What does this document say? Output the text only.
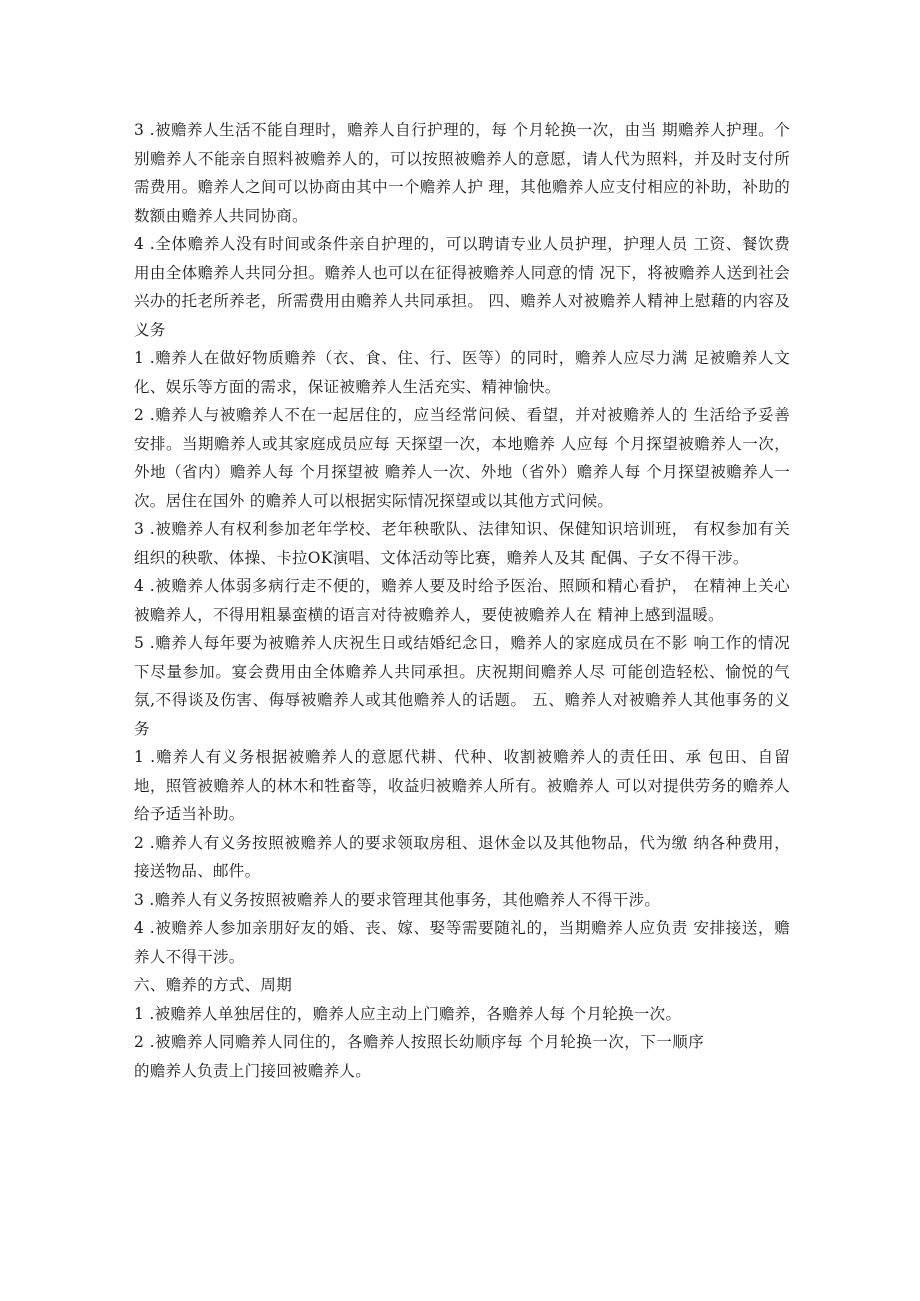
3 .被赡养人生活不能自理时，赡养人自行护理的，每 个月轮换一次，由当 期赡养人护理。个别赡养人不能亲自照料被赡养人的，可以按照被赡养人的意愿，请人代为照料，并及时支付所需费用。赡养人之间可以协商由其中一个赡养人护 理，其他赡养人应支付相应的补助，补助的数额由赡养人共同协商。

4 .全体赡养人没有时间或条件亲自护理的，可以聘请专业人员护理，护理人员 工资、餐饮费用由全体赡养人共同分担。赡养人也可以在征得被赡养人同意的情 况下，将被赡养人送到社会兴办的托老所养老，所需费用由赡养人共同承担。 四、赡养人对被赡养人精神上慰藉的内容及义务

1 .赡养人在做好物质赡养（衣、食、住、行、医等）的同时，赡养人应尽力满 足被赡养人文化、娱乐等方面的需求，保证被赡养人生活充实、精神愉快。

2 .赡养人与被赡养人不在一起居住的，应当经常问候、看望，并对被赡养人的 生活给予妥善安排。当期赡养人或其家庭成员应每 天探望一次，本地赡养 人应每 个月探望被赡养人一次，外地（省内）赡养人每 个月探望被 赡养人一次、外地（省外）赡养人每 个月探望被赡养人一次。居住在国外 的赡养人可以根据实际情况探望或以其他方式问候。

3 .被赡养人有权利参加老年学校、老年秧歌队、法律知识、保健知识培训班， 有权参加有关组织的秧歌、体操、卡拉OK演唱、文体活动等比赛，赡养人及其 配偶、子女不得干涉。

4 .被赡养人体弱多病行走不便的，赡养人要及时给予医治、照顾和精心看护， 在精神上关心被赡养人，不得用粗暴蛮横的语言对待被赡养人，要使被赡养人在 精神上感到温暖。

5 .赡养人每年要为被赡养人庆祝生日或结婚纪念日，赡养人的家庭成员在不影 响工作的情况下尽量参加。宴会费用由全体赡养人共同承担。庆祝期间赡养人尽 可能创造轻松、愉悦的气氛,不得谈及伤害、侮辱被赡养人或其他赡养人的话题。 五、赡养人对被赡养人其他事务的义务

1 .赡养人有义务根据被赡养人的意愿代耕、代种、收割被赡养人的责任田、承 包田、自留地，照管被赡养人的林木和牲畜等，收益归被赡养人所有。被赡养人 可以对提供劳务的赡养人给予适当补助。

2 .赡养人有义务按照被赡养人的要求领取房租、退休金以及其他物品，代为缴 纳各种费用，接送物品、邮件。

3 .赡养人有义务按照被赡养人的要求管理其他事务，其他赡养人不得干涉。

4 .被赡养人参加亲朋好友的婚、丧、嫁、娶等需要随礼的，当期赡养人应负责 安排接送，赡养人不得干涉。

六、赡养的方式、周期

1 .被赡养人单独居住的，赡养人应主动上门赡养，各赡养人每 个月轮换一次。

2 .被赡养人同赡养人同住的，各赡养人按照长幼顺序每 个月轮换一次，下一顺序的赡养人负责上门接回被赡养人。
